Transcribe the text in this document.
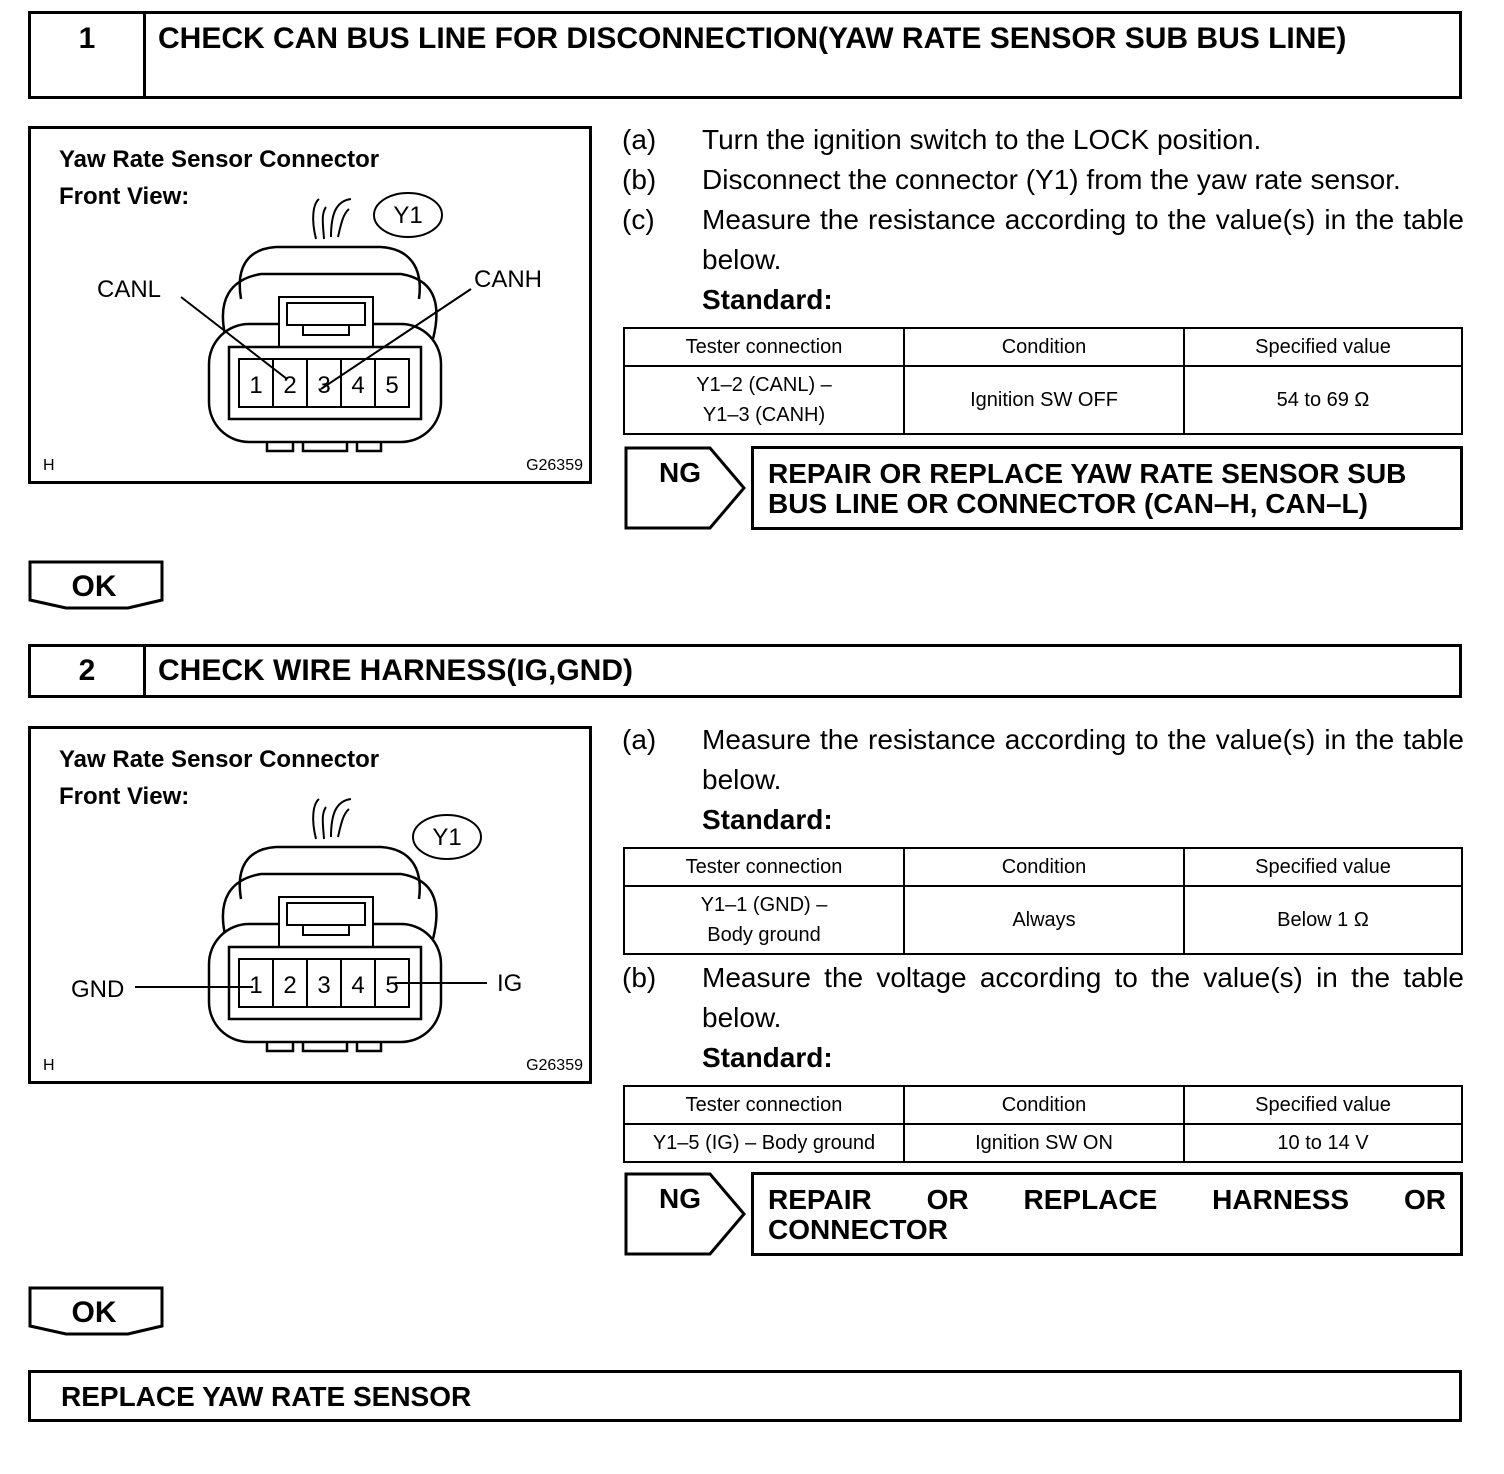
1	CHECK CAN BUS LINE FOR DISCONNECTION(YAW RATE SENSOR SUB BUS LINE)
Yaw Rate Sensor Connector
Front View:
1 2 3 4 5
CANL	CANH
Y1
H	G26359
(a) Turn the ignition switch to the LOCK position.
(b) Disconnect the connector (Y1) from the yaw rate sensor.
(c) Measure the resistance according to the value(s) in the table below.
Standard:
Tester connection	Condition	Specified value
Y1–2 (CANL) –
Y1–3 (CANH)	Ignition SW OFF	54 to 69 Ω
NG	REPAIR OR REPLACE YAW RATE SENSOR SUB BUS LINE OR CONNECTOR (CAN–H, CAN–L)
OK
2	CHECK WIRE HARNESS(IG,GND)
Yaw Rate Sensor Connector
Front View:
1 2 3 4 5
GND	IG
Y1
H	G26359
(a) Measure the resistance according to the value(s) in the table below.
Standard:
Tester connection	Condition	Specified value
Y1–1 (GND) –
Body ground	Always	Below 1 Ω
(b) Measure the voltage according to the value(s) in the table below.
Standard:
Tester connection	Condition	Specified value
Y1–5 (IG) – Body ground	Ignition SW ON	10 to 14 V
NG	REPAIR OR REPLACE HARNESS OR CONNECTOR
OK
REPLACE YAW RATE SENSOR
